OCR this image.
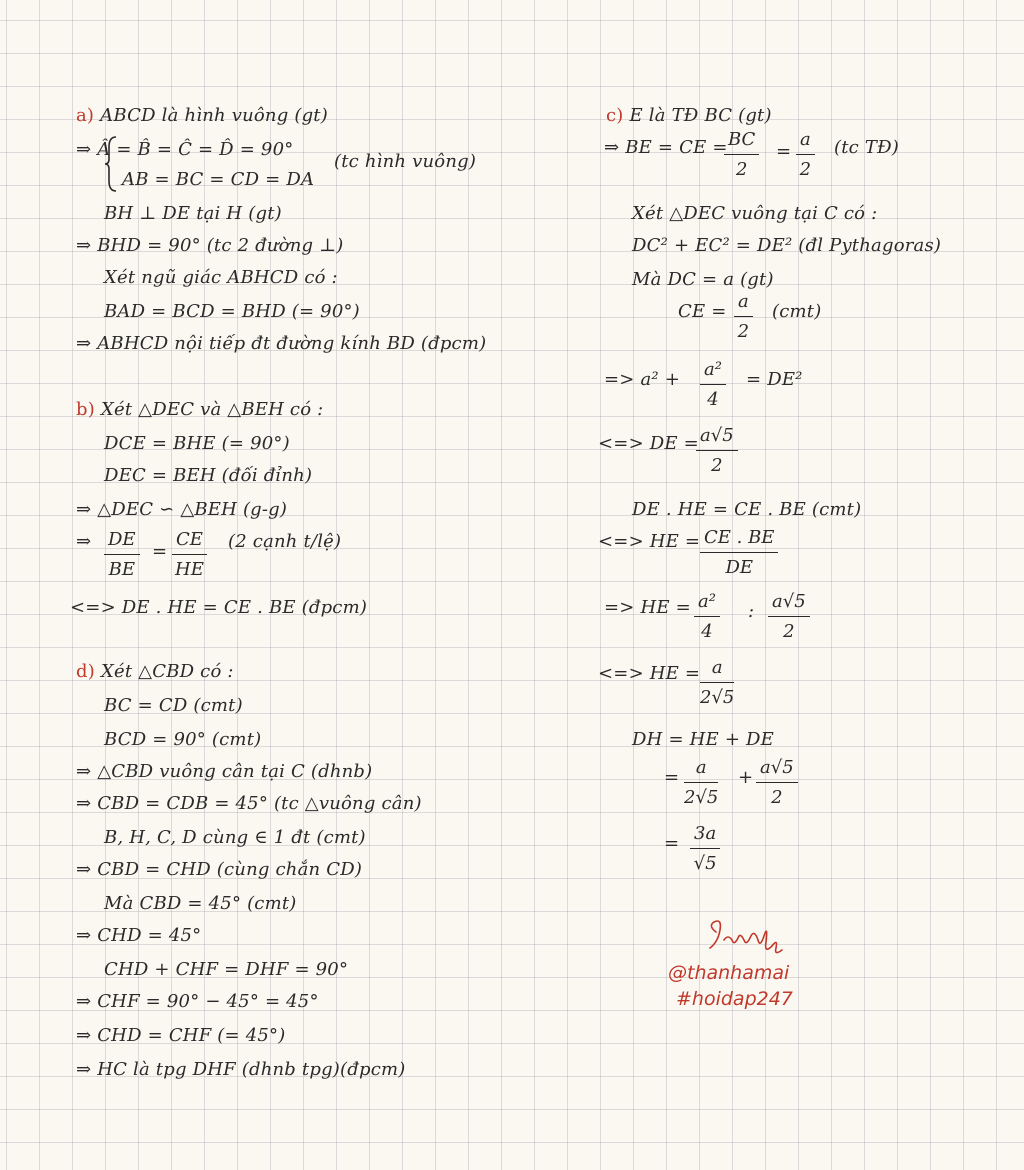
a) ABCD là hình vuông (gt)
⇒ Â = B̂ = Ĉ = D̂ = 90°
AB = BC = CD = DA
(tc hình vuông)
BH ⊥ DE tại H (gt)
⇒ BHD = 90° (tc 2 đường ⊥)
Xét ngũ giác ABHCD có :
BAD = BCD = BHD (= 90°)
⇒ ABHCD nội tiếp đt đường kính BD (đpcm)
b) Xét △DEC và △BEH có :
DCE = BHE (= 90°)
DEC = BEH (đối đỉnh)
⇒ △DEC ∽ △BEH (g-g)
⇒ $\frac{DE}{BE} = \frac{CE}{HE} (2$ cạnh t/lệ)
<=> DE . HE = CE . BE (đpcm)
d) Xét △CBD có :
BC = CD (cmt)
BCD = 90° (cmt)
⇒ △CBD vuông cân tại C (dhnb)
⇒ CBD = CDB = 45° (tc △vuông cân)
B, H, C, D cùng ∈ 1 đt (cmt)
⇒ CBD = CHD (cùng chắn CD)
Mà CBD = 45° (cmt)
⇒ CHD = 45°
CHD + CHF = DHF = 90°
⇒ CHF = 90° − 45° = 45°
⇒ CHD = CHF (= 45°)
⇒ HC là tpg DHF (dhnb tpg)(đpcm)
c) E là TĐ BC (gt)
⇒ BE = CE =
$\frac{BC}{2} = \frac{a}{2} (tc$ TĐ)
Xét △DEC vuông tại C có :
DC² + EC² = DE² (đl Pythagoras)
Mà DC = a (gt)
CE = $\frac{a}{2} (cmt)$
=> $a^2 + \frac{\text{a²}}{4} = DE^2$
<=> DE =
$\frac{a√5}{2}$
DE . HE = CE . BE (cmt)
<=> HE = $\frac{CE . BE}{DE}$
=> HE = $\frac{\text{a²}}{4}$ : $\frac{a√5}{2}$
<=> HE = $\frac{a}{2√5}$
DH = HE + DE
= $\frac{a}{2√5} + \frac{a√5}{2}$
= $\frac{3a}{√5}$
@thanhamai
#hoidap247
